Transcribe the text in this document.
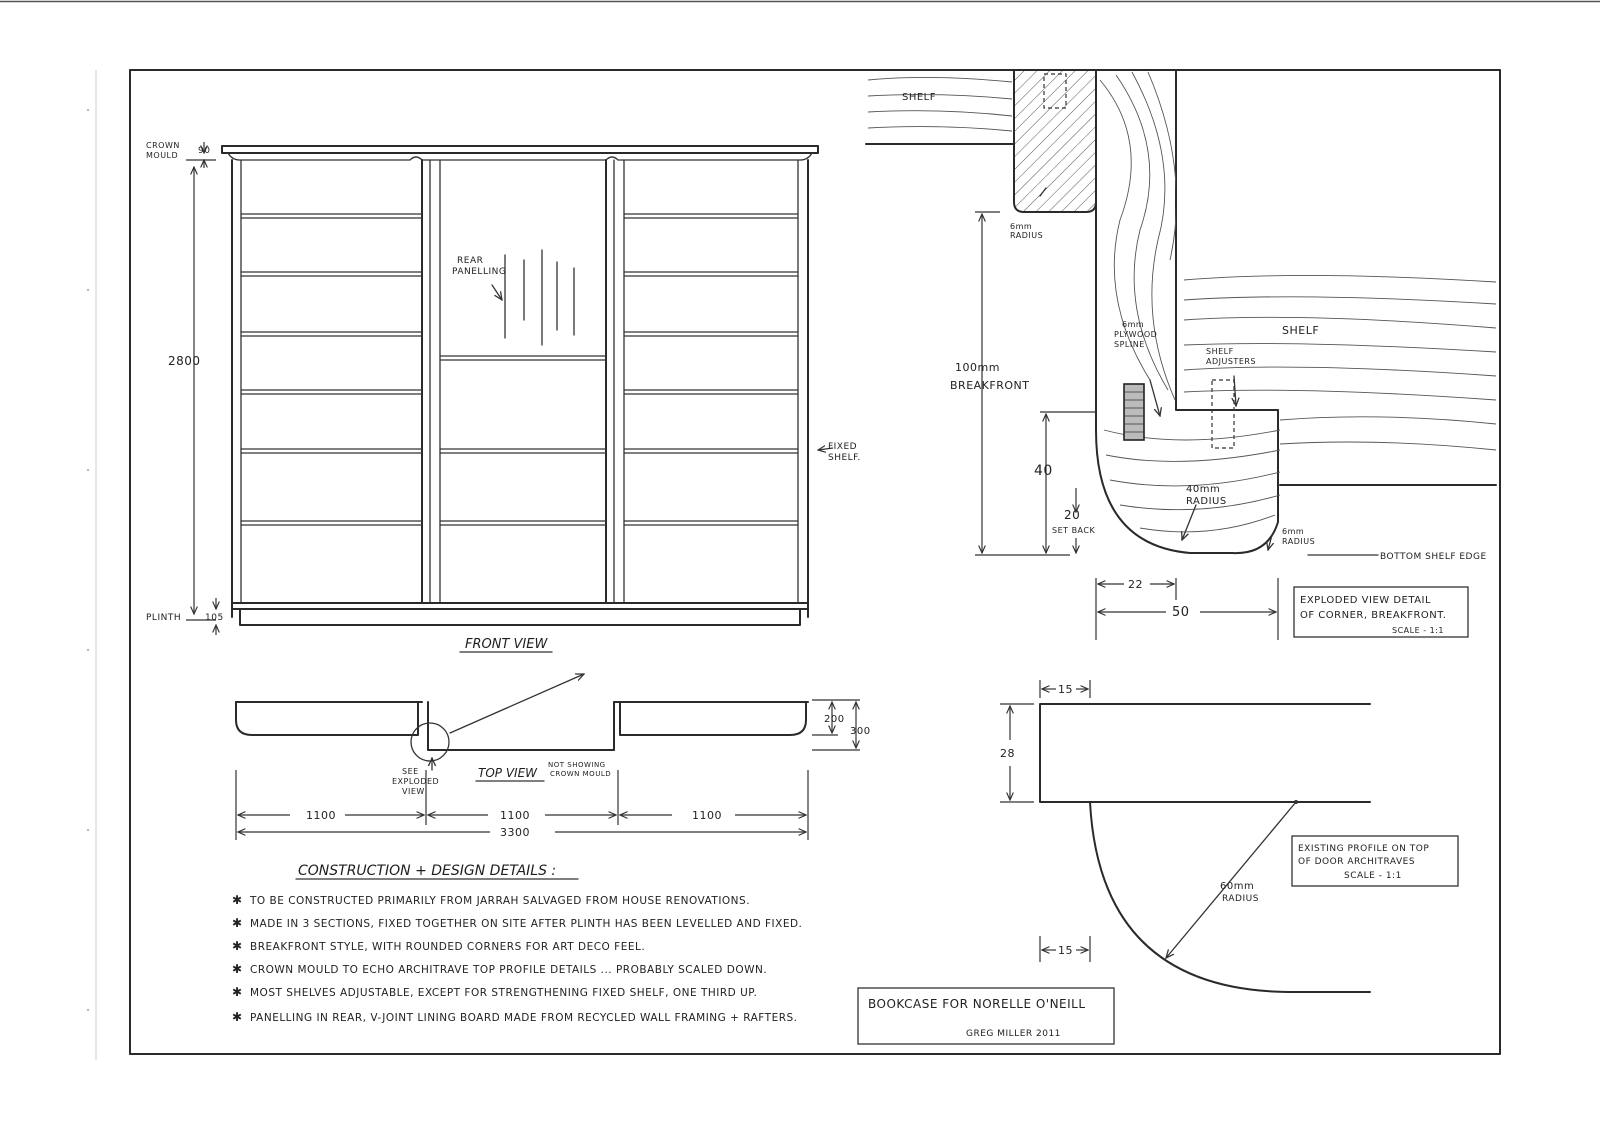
FRONT VIEW
CROWN
MOULD 90
2800
PLINTH	105
REAR
PANELLING
FIXED
SHELF.
TOP VIEW
NOT SHOWING
CROWN MOULD
SEE
EXPLODED
VIEW
200
300
1100	1100	1100
3300
SHELF
SHELF
6mm
RADIUS
6mm
PLYWOOD
SPLINE
SHELF
ADJUSTERS
100mm
BREAKFRONT
40
20
SET BACK
40mm
RADIUS
6mm
RADIUS
BOTTOM SHELF EDGE
22
50
EXPLODED VIEW DETAIL
OF CORNER, BREAKFRONT.
SCALE - 1:1
15
28
15
60mm
RADIUS
EXISTING PROFILE ON TOP
OF DOOR ARCHITRAVES
SCALE - 1:1
CONSTRUCTION + DESIGN DETAILS :
✱ TO BE CONSTRUCTED PRIMARILY FROM JARRAH SALVAGED FROM HOUSE RENOVATIONS.
✱ MADE IN 3 SECTIONS, FIXED TOGETHER ON SITE AFTER PLINTH HAS BEEN LEVELLED AND FIXED.
✱ BREAKFRONT STYLE, WITH ROUNDED CORNERS FOR ART DECO FEEL.
✱ CROWN MOULD TO ECHO ARCHITRAVE TOP PROFILE DETAILS ... PROBABLY SCALED DOWN.
✱ MOST SHELVES ADJUSTABLE, EXCEPT FOR STRENGTHENING FIXED SHELF, ONE THIRD UP.
✱ PANELLING IN REAR, V-JOINT LINING BOARD MADE FROM RECYCLED WALL FRAMING + RAFTERS.
BOOKCASE FOR NORELLE O'NEILL
GREG MILLER 2011
